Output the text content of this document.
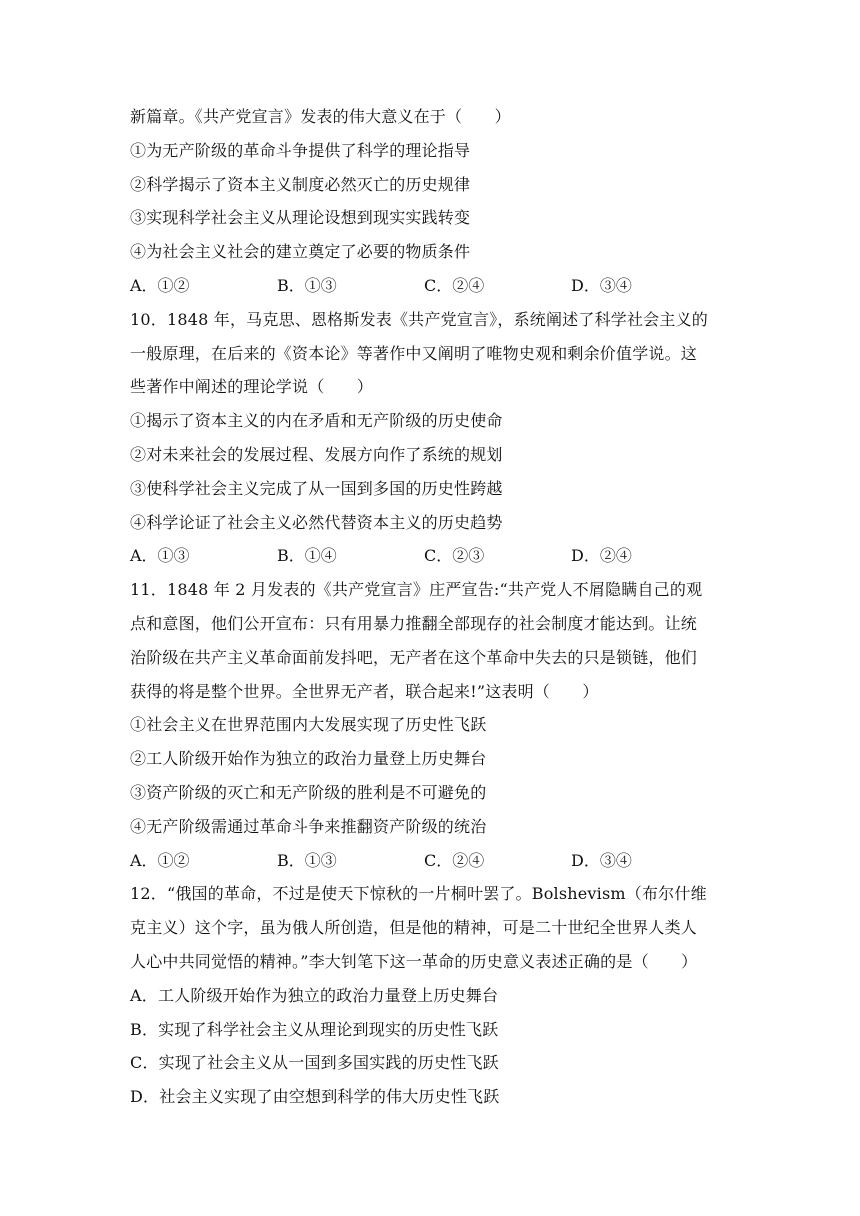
新篇章。《共产党宣言》发表的伟大意义在于（　　）
①为无产阶级的革命斗争提供了科学的理论指导
②科学揭示了资本主义制度必然灭亡的历史规律
③实现科学社会主义从理论设想到现实实践转变
④为社会主义社会的建立奠定了必要的物质条件
A．①②	B．①③	C．②④	D．③④
10．1848 年，马克思、恩格斯发表《共产党宣言》，系统阐述了科学社会主义的
一般原理，在后来的《资本论》等著作中又阐明了唯物史观和剩余价值学说。这
些著作中阐述的理论学说（　　）
①揭示了资本主义的内在矛盾和无产阶级的历史使命
②对未来社会的发展过程、发展方向作了系统的规划
③使科学社会主义完成了从一国到多国的历史性跨越
④科学论证了社会主义必然代替资本主义的历史趋势
A．①③	B．①④	C．②③	D．②④
11．1848 年 2 月发表的《共产党宣言》庄严宣告:“共产党人不屑隐瞒自己的观
点和意图，他们公开宣布：只有用暴力推翻全部现存的社会制度才能达到。让统
治阶级在共产主义革命面前发抖吧，无产者在这个革命中失去的只是锁链，他们
获得的将是整个世界。全世界无产者，联合起来!”这表明（　　）
①社会主义在世界范围内大发展实现了历史性飞跃
②工人阶级开始作为独立的政治力量登上历史舞台
③资产阶级的灭亡和无产阶级的胜利是不可避免的
④无产阶级需通过革命斗争来推翻资产阶级的统治
A．①②	B．①③	C．②④	D．③④
12．“俄国的革命，不过是使天下惊秋的一片桐叶罢了。Bolshevism（布尔什维
克主义）这个字，虽为俄人所创造，但是他的精神，可是二十世纪全世界人类人
人心中共同觉悟的精神。”李大钊笔下这一革命的历史意义表述正确的是（　　）
A．工人阶级开始作为独立的政治力量登上历史舞台
B．实现了科学社会主义从理论到现实的历史性飞跃
C．实现了社会主义从一国到多国实践的历史性飞跃
D．社会主义实现了由空想到科学的伟大历史性飞跃
